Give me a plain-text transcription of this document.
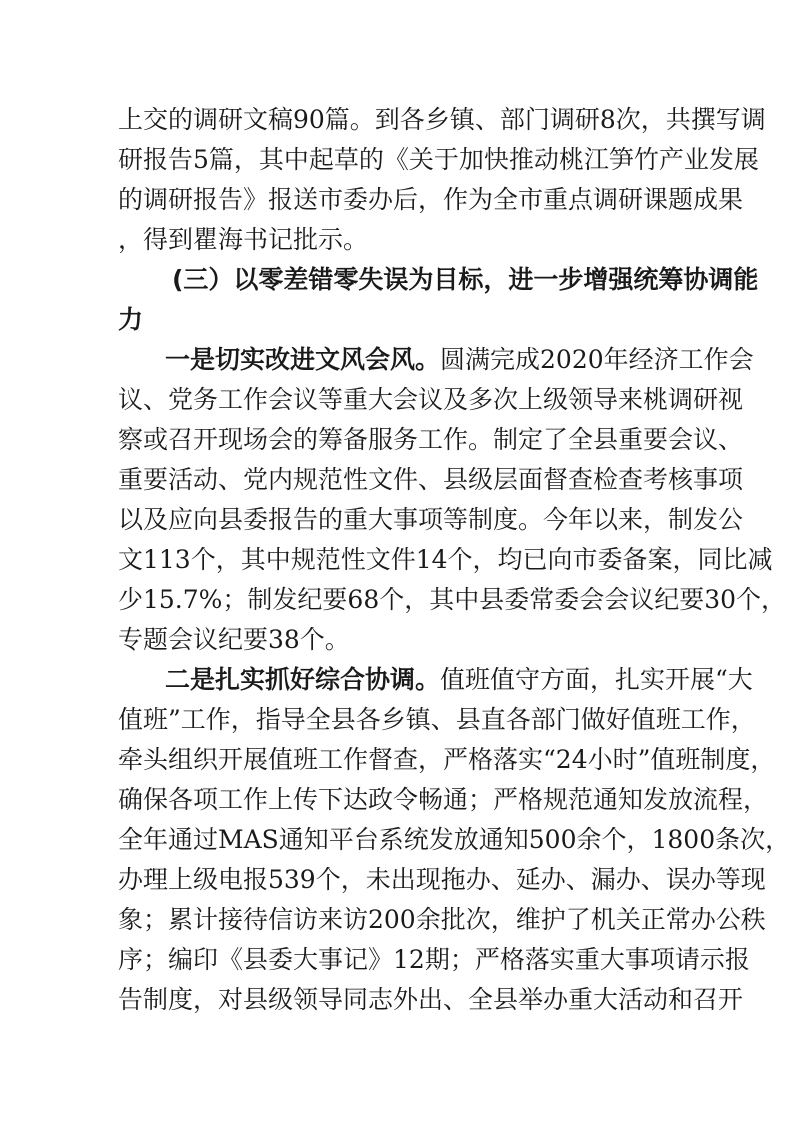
上交的调研文稿90篇。到各乡镇、部门调研8次，共撰写调
研报告5篇，其中起草的《关于加快推动桃江笋竹产业发展
的调研报告》报送市委办后，作为全市重点调研课题成果
，得到瞿海书记批示。
(三）以零差错零失误为目标，进一步增强统筹协调能
力
一是切实改进文风会风。圆满完成2020年经济工作会
议、党务工作会议等重大会议及多次上级领导来桃调研视
察或召开现场会的筹备服务工作。制定了全县重要会议、
重要活动、党内规范性文件、县级层面督查检查考核事项
以及应向县委报告的重大事项等制度。今年以来，制发公
文113个，其中规范性文件14个，均已向市委备案，同比减
少15.7%；制发纪要68个，其中县委常委会会议纪要30个，
专题会议纪要38个。
二是扎实抓好综合协调。值班值守方面，扎实开展“大
值班”工作，指导全县各乡镇、县直各部门做好值班工作，
牵头组织开展值班工作督查，严格落实“24小时”值班制度，
确保各项工作上传下达政令畅通；严格规范通知发放流程，
全年通过MAS通知平台系统发放通知500余个，1800条次，
办理上级电报539个，未出现拖办、延办、漏办、误办等现
象；累计接待信访来访200余批次，维护了机关正常办公秩
序；编印《县委大事记》12期；严格落实重大事项请示报
告制度，对县级领导同志外出、全县举办重大活动和召开
